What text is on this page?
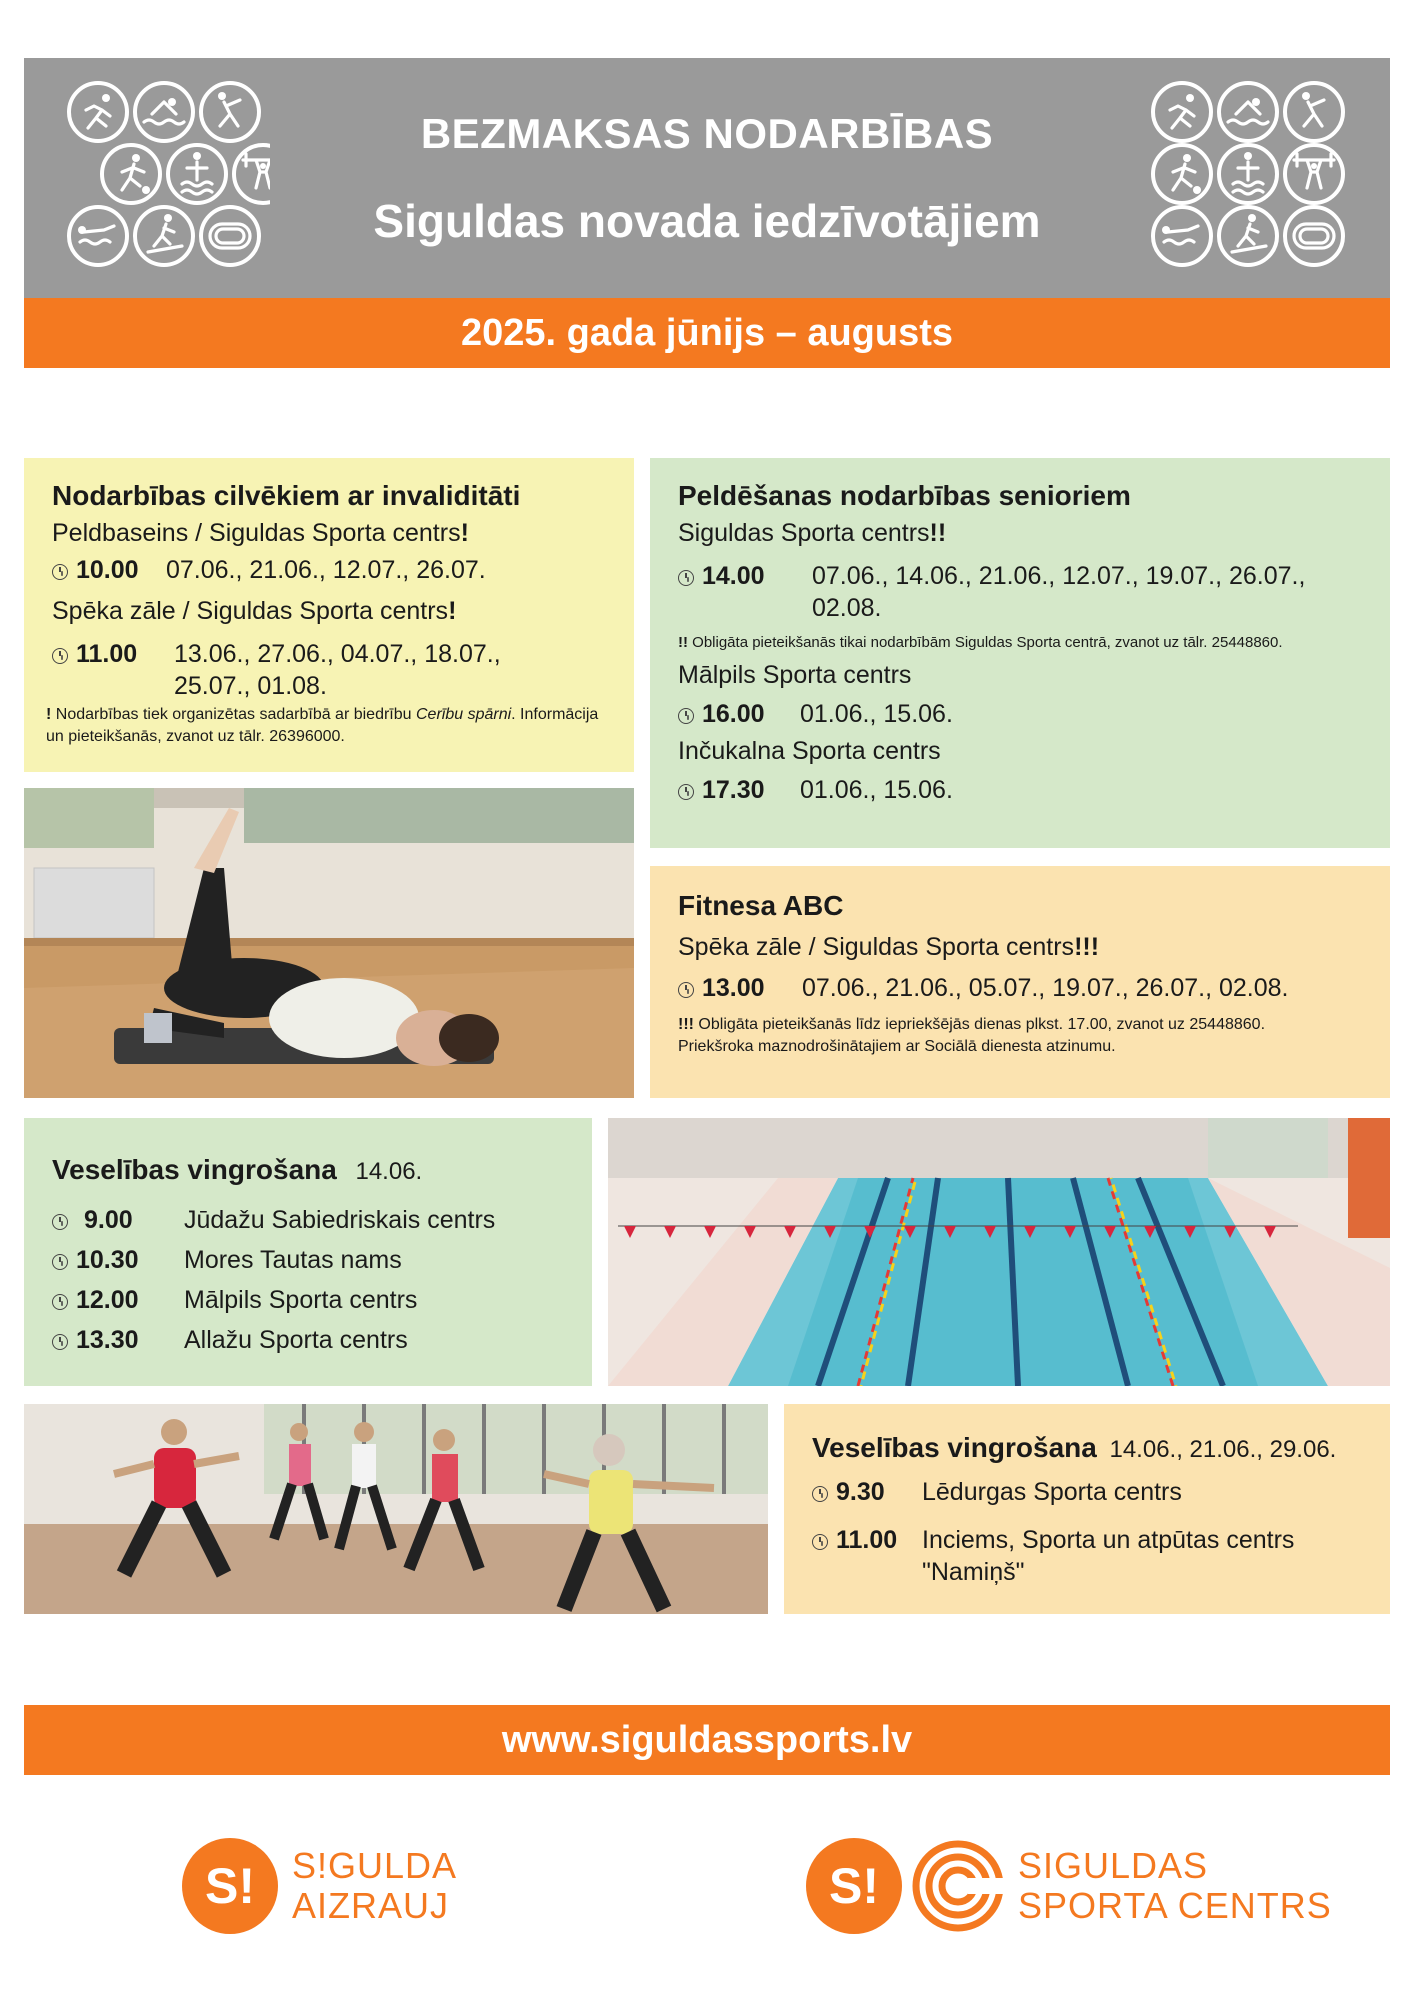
BEZMAKSAS NODARBĪBAS
Siguldas novada iedzīvotājiem
2025. gada jūnijs – augusts
Nodarbības cilvēkiem ar invaliditāti
Peldbaseins / Siguldas Sporta centrs!
10.00	07.06., 21.06., 12.07., 26.07.
Spēka zāle / Siguldas Sporta centrs!
11.00	13.06., 27.06., 04.07., 18.07., 25.07., 01.08.
! Nodarbības tiek organizētas sadarbībā ar biedrību Cerību spārni. Informācija un pieteikšanās, zvanot uz tālr. 26396000.
Peldēšanas nodarbības senioriem
Siguldas Sporta centrs!!
14.00	07.06., 14.06., 21.06., 12.07., 19.07., 26.07., 02.08.
!! Obligāta pieteikšanās tikai nodarbībām Siguldas Sporta centrā, zvanot uz tālr. 25448860.
Mālpils Sporta centrs
16.00	01.06., 15.06.
Inčukalna Sporta centrs
17.30	01.06., 15.06.
Fitnesa ABC
Spēka zāle / Siguldas Sporta centrs!!!
13.00	07.06., 21.06., 05.07., 19.07., 26.07., 02.08.
!!! Obligāta pieteikšanās līdz iepriekšējās dienas plkst. 17.00, zvanot uz 25448860. Priekšroka maznodrošinātajiem ar Sociālā dienesta atzinumu.
Veselības vingrošana 14.06.
9.00	Jūdažu Sabiedriskais centrs
10.30	Mores Tautas nams
12.00	Mālpils Sporta centrs
13.30	Allažu Sporta centrs
Veselības vingrošana 14.06., 21.06., 29.06.
9.30	Lēdurgas Sporta centrs
11.00 Inciems, Sporta un atpūtas centrs "Namiņš"
www.siguldassports.lv
S!	S!GULDA
AIZRAUJ	S!	SIGULDAS
SPORTA CENTRS
